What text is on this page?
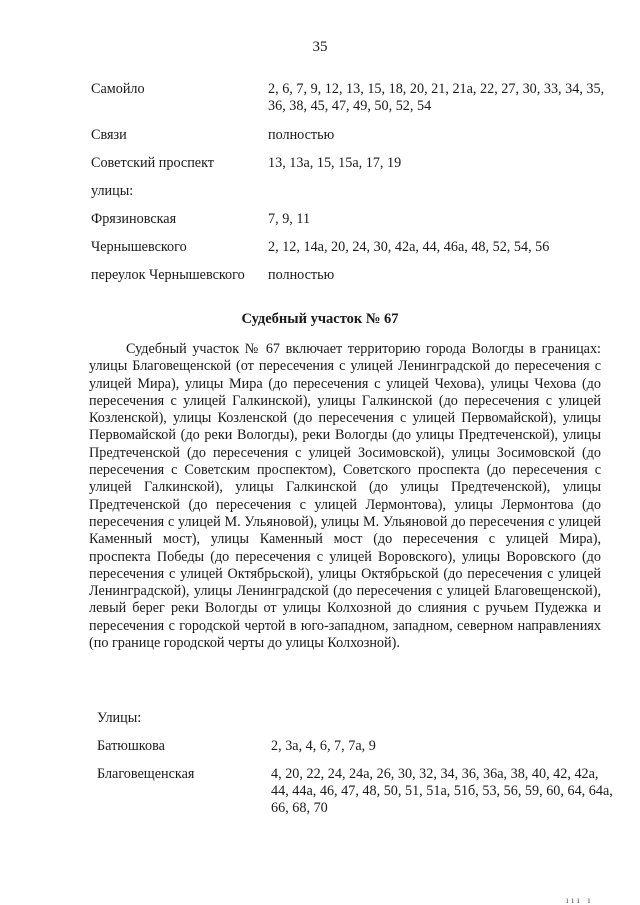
35
Самойло	2, 6, 7, 9, 12, 13, 15, 18, 20, 21, 21а, 22, 27, 30, 33, 34, 35, 36, 38, 45, 47, 49, 50, 52, 54
Связи	полностью
Советский проспект	13, 13а, 15, 15а, 17, 19
улицы:
Фрязиновская	7, 9, 11
Чернышевского	2, 12, 14а, 20, 24, 30, 42а, 44, 46а, 48, 52, 54, 56
переулок Чернышевского полностью
Судебный участок № 67

Судебный участок № 67 включает территорию города Вологды в границах: улицы Благовещенской (от пересечения с улицей Ленинградской до пересечения с улицей Мира), улицы Мира (до пересечения с улицей Чехова), улицы Чехова (до пересечения с улицей Галкинской), улицы Галкинской (до пересечения с улицей Козленской), улицы Козленской (до пересечения с улицей Первомайской), улицы Первомайской (до реки Вологды), реки Вологды (до улицы Предтеченской), улицы Предтеченской (до пересечения с улицей Зосимовской), улицы Зосимовской (до пересечения с Советским проспектом), Советского проспекта (до пересечения с улицей Галкинской), улицы Галкинской (до улицы Предтеченской), улицы Предтеченской (до пересечения с улицей Лермонтова), улицы Лермонтова (до пересечения с улицей М. Ульяновой), улицы М. Ульяновой до пересечения с улицей Каменный мост), улицы Каменный мост (до пересечения с улицей Мира), проспекта Победы (до пересечения с улицей Воровского), улицы Воровского (до пересечения с улицей Октябрьской), улицы Октябрьской (до пересечения с улицей Ленинградской), улицы Ленинградской (до пересечения с улицей Благовещенской), левый берег реки Вологды от улицы Колхозной до слияния с ручьем Пудежка и пересечения с городской чертой в юго-западном, западном, северном направлениях (по границе городской черты до улицы Колхозной).

Улицы:
Батюшкова	2, 3а, 4, 6, 7, 7а, 9
Благовещенская	4, 20, 22, 24, 24а, 26, 30, 32, 34, 36, 36а, 38, 40, 42, 42а, 44, 44а, 46, 47, 48, 50, 51, 51а, 51б, 53, 56, 59, 60, 64, 64а, 66, 68, 70
ııı ı
